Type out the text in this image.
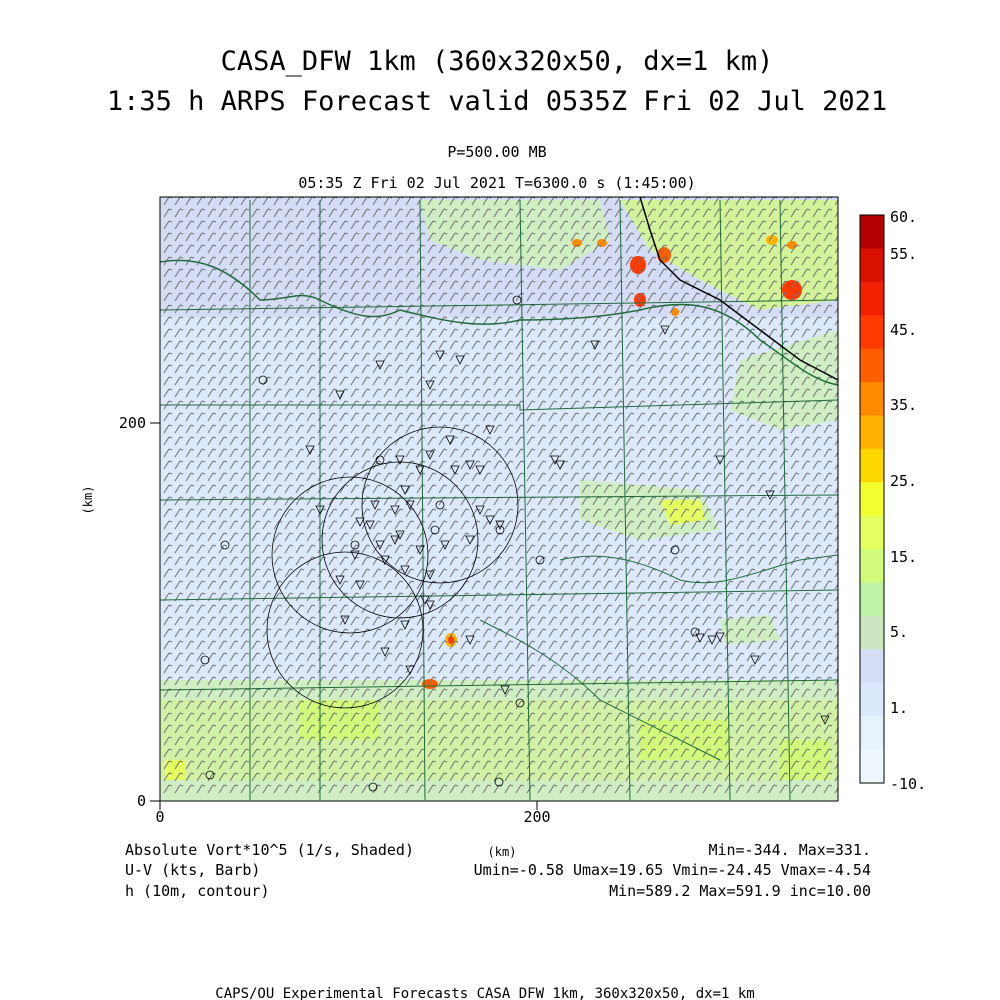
CASA_DFW 1km (360x320x50, dx=1 km)
1:35 h ARPS Forecast valid 0535Z Fri 02 Jul 2021
P=500.00 MB
05:35 Z Fri 02 Jul 2021 T=6300.0 s (1:45:00)
200
0
(km)
0	200
60.
55.
45.
35.
25.
15.
5.
1.
-10.
Absolute Vort*10^5 (1/s, Shaded)
U-V (kts, Barb)
h (10m, contour)
(km)	Min=-344. Max=331.
Umin=-0.58 Umax=19.65 Vmin=-24.45 Vmax=-4.54
Min=589.2 Max=591.9 inc=10.00
CAPS/OU Experimental Forecasts CASA DFW 1km, 360x320x50, dx=1 km
